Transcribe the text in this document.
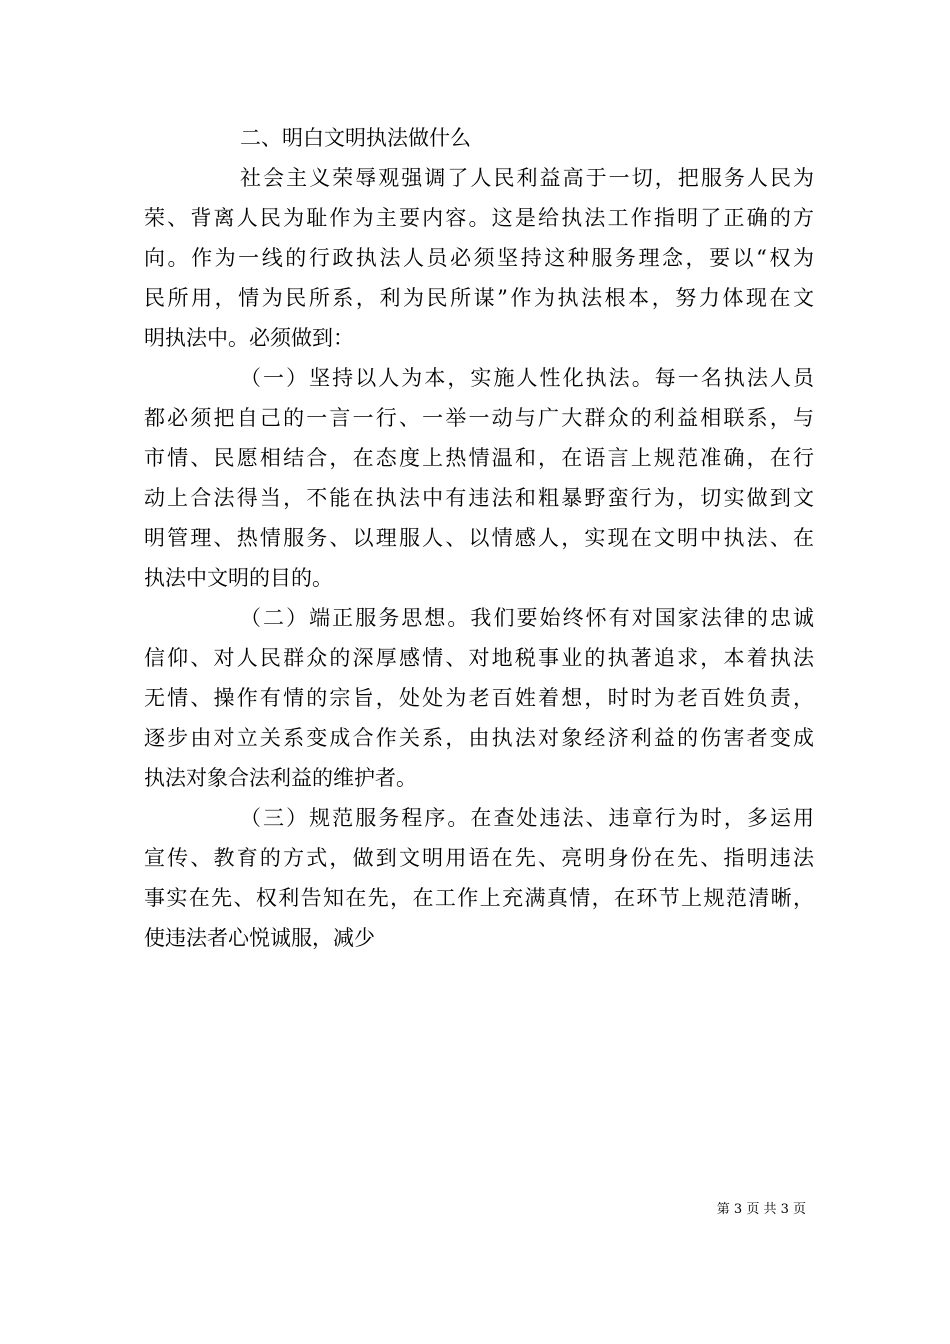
二、明白文明执法做什么
社会主义荣辱观强调了人民利益高于一切，把服务人民为
荣、背离人民为耻作为主要内容。这是给执法工作指明了正确的方
向。作为一线的行政执法人员必须坚持这种服务理念，要以“权为
民所用，情为民所系，利为民所谋”作为执法根本，努力体现在文
明执法中。必须做到：
（一）坚持以人为本，实施人性化执法。每一名执法人员
都必须把自己的一言一行、一举一动与广大群众的利益相联系，与
市情、民愿相结合，在态度上热情温和，在语言上规范准确，在行
动上合法得当，不能在执法中有违法和粗暴野蛮行为，切实做到文
明管理、热情服务、以理服人、以情感人，实现在文明中执法、在
执法中文明的目的。
（二）端正服务思想。我们要始终怀有对国家法律的忠诚
信仰、对人民群众的深厚感情、对地税事业的执著追求，本着执法
无情、操作有情的宗旨，处处为老百姓着想，时时为老百姓负责，
逐步由对立关系变成合作关系，由执法对象经济利益的伤害者变成
执法对象合法利益的维护者。
（三）规范服务程序。在查处违法、违章行为时，多运用
宣传、教育的方式，做到文明用语在先、亮明身份在先、指明违法
事实在先、权利告知在先，在工作上充满真情，在环节上规范清晰，
使违法者心悦诚服，减少
第 3 页 共 3 页
